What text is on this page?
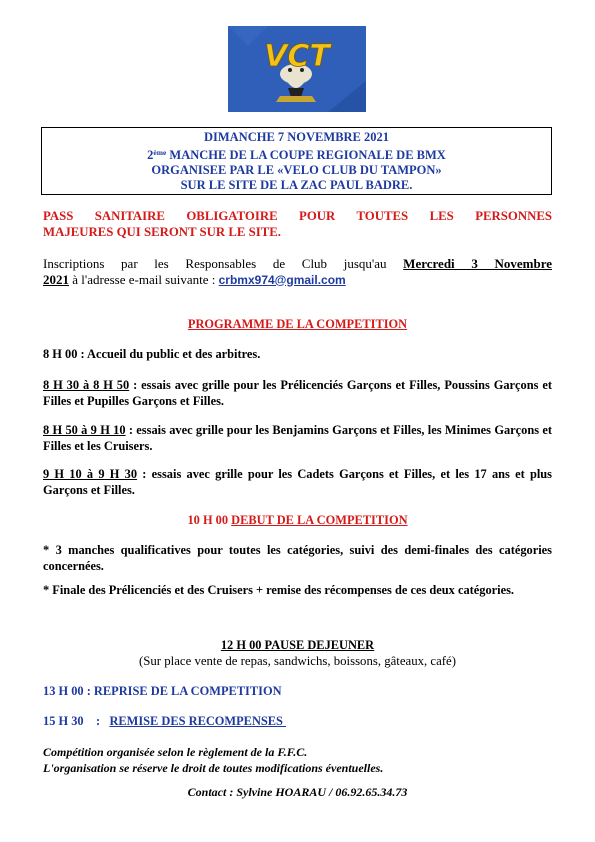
VCT
DIMANCHE 7 NOVEMBRE 2021
2ème MANCHE DE LA COUPE REGIONALE DE BMX
ORGANISEE PAR LE «VELO CLUB DU TAMPON»
SUR LE SITE DE LA ZAC PAUL BADRE.
PASS SANITAIRE OBLIGATOIRE POUR TOUTES LES PERSONNES
MAJEURES QUI SERONT SUR LE SITE.
Inscriptions par les Responsables de Club jusqu'au Mercredi 3 Novembre
2021 à l'adresse e-mail suivante : crbmx974@gmail.com
PROGRAMME DE LA COMPETITION
8 H 00 : Accueil du public et des arbitres.
8 H 30 à 8 H 50 : essais avec grille pour les Prélicenciés Garçons et Filles, Poussins Garçons et Filles et Pupilles Garçons et Filles.
8 H 50 à 9 H 10 : essais avec grille pour les Benjamins Garçons et Filles, les Minimes Garçons et Filles et les Cruisers.
9 H 10 à 9 H 30 : essais avec grille pour les Cadets Garçons et Filles, et les 17 ans et plus Garçons et Filles.
10 H 00 DEBUT DE LA COMPETITION
* 3 manches qualificatives pour toutes les catégories, suivi des demi-finales des catégories concernées.
* Finale des Prélicenciés et des Cruisers + remise des récompenses de ces deux catégories.
12 H 00 PAUSE DEJEUNER
(Sur place vente de repas, sandwichs, boissons, gâteaux, café)
13 H 00 : REPRISE DE LA COMPETITION
15 H 30    :   REMISE DES RECOMPENSES
Compétition organisée selon le règlement de la F.F.C.
L'organisation se réserve le droit de toutes modifications éventuelles.
Contact : Sylvine HOARAU / 06.92.65.34.73
